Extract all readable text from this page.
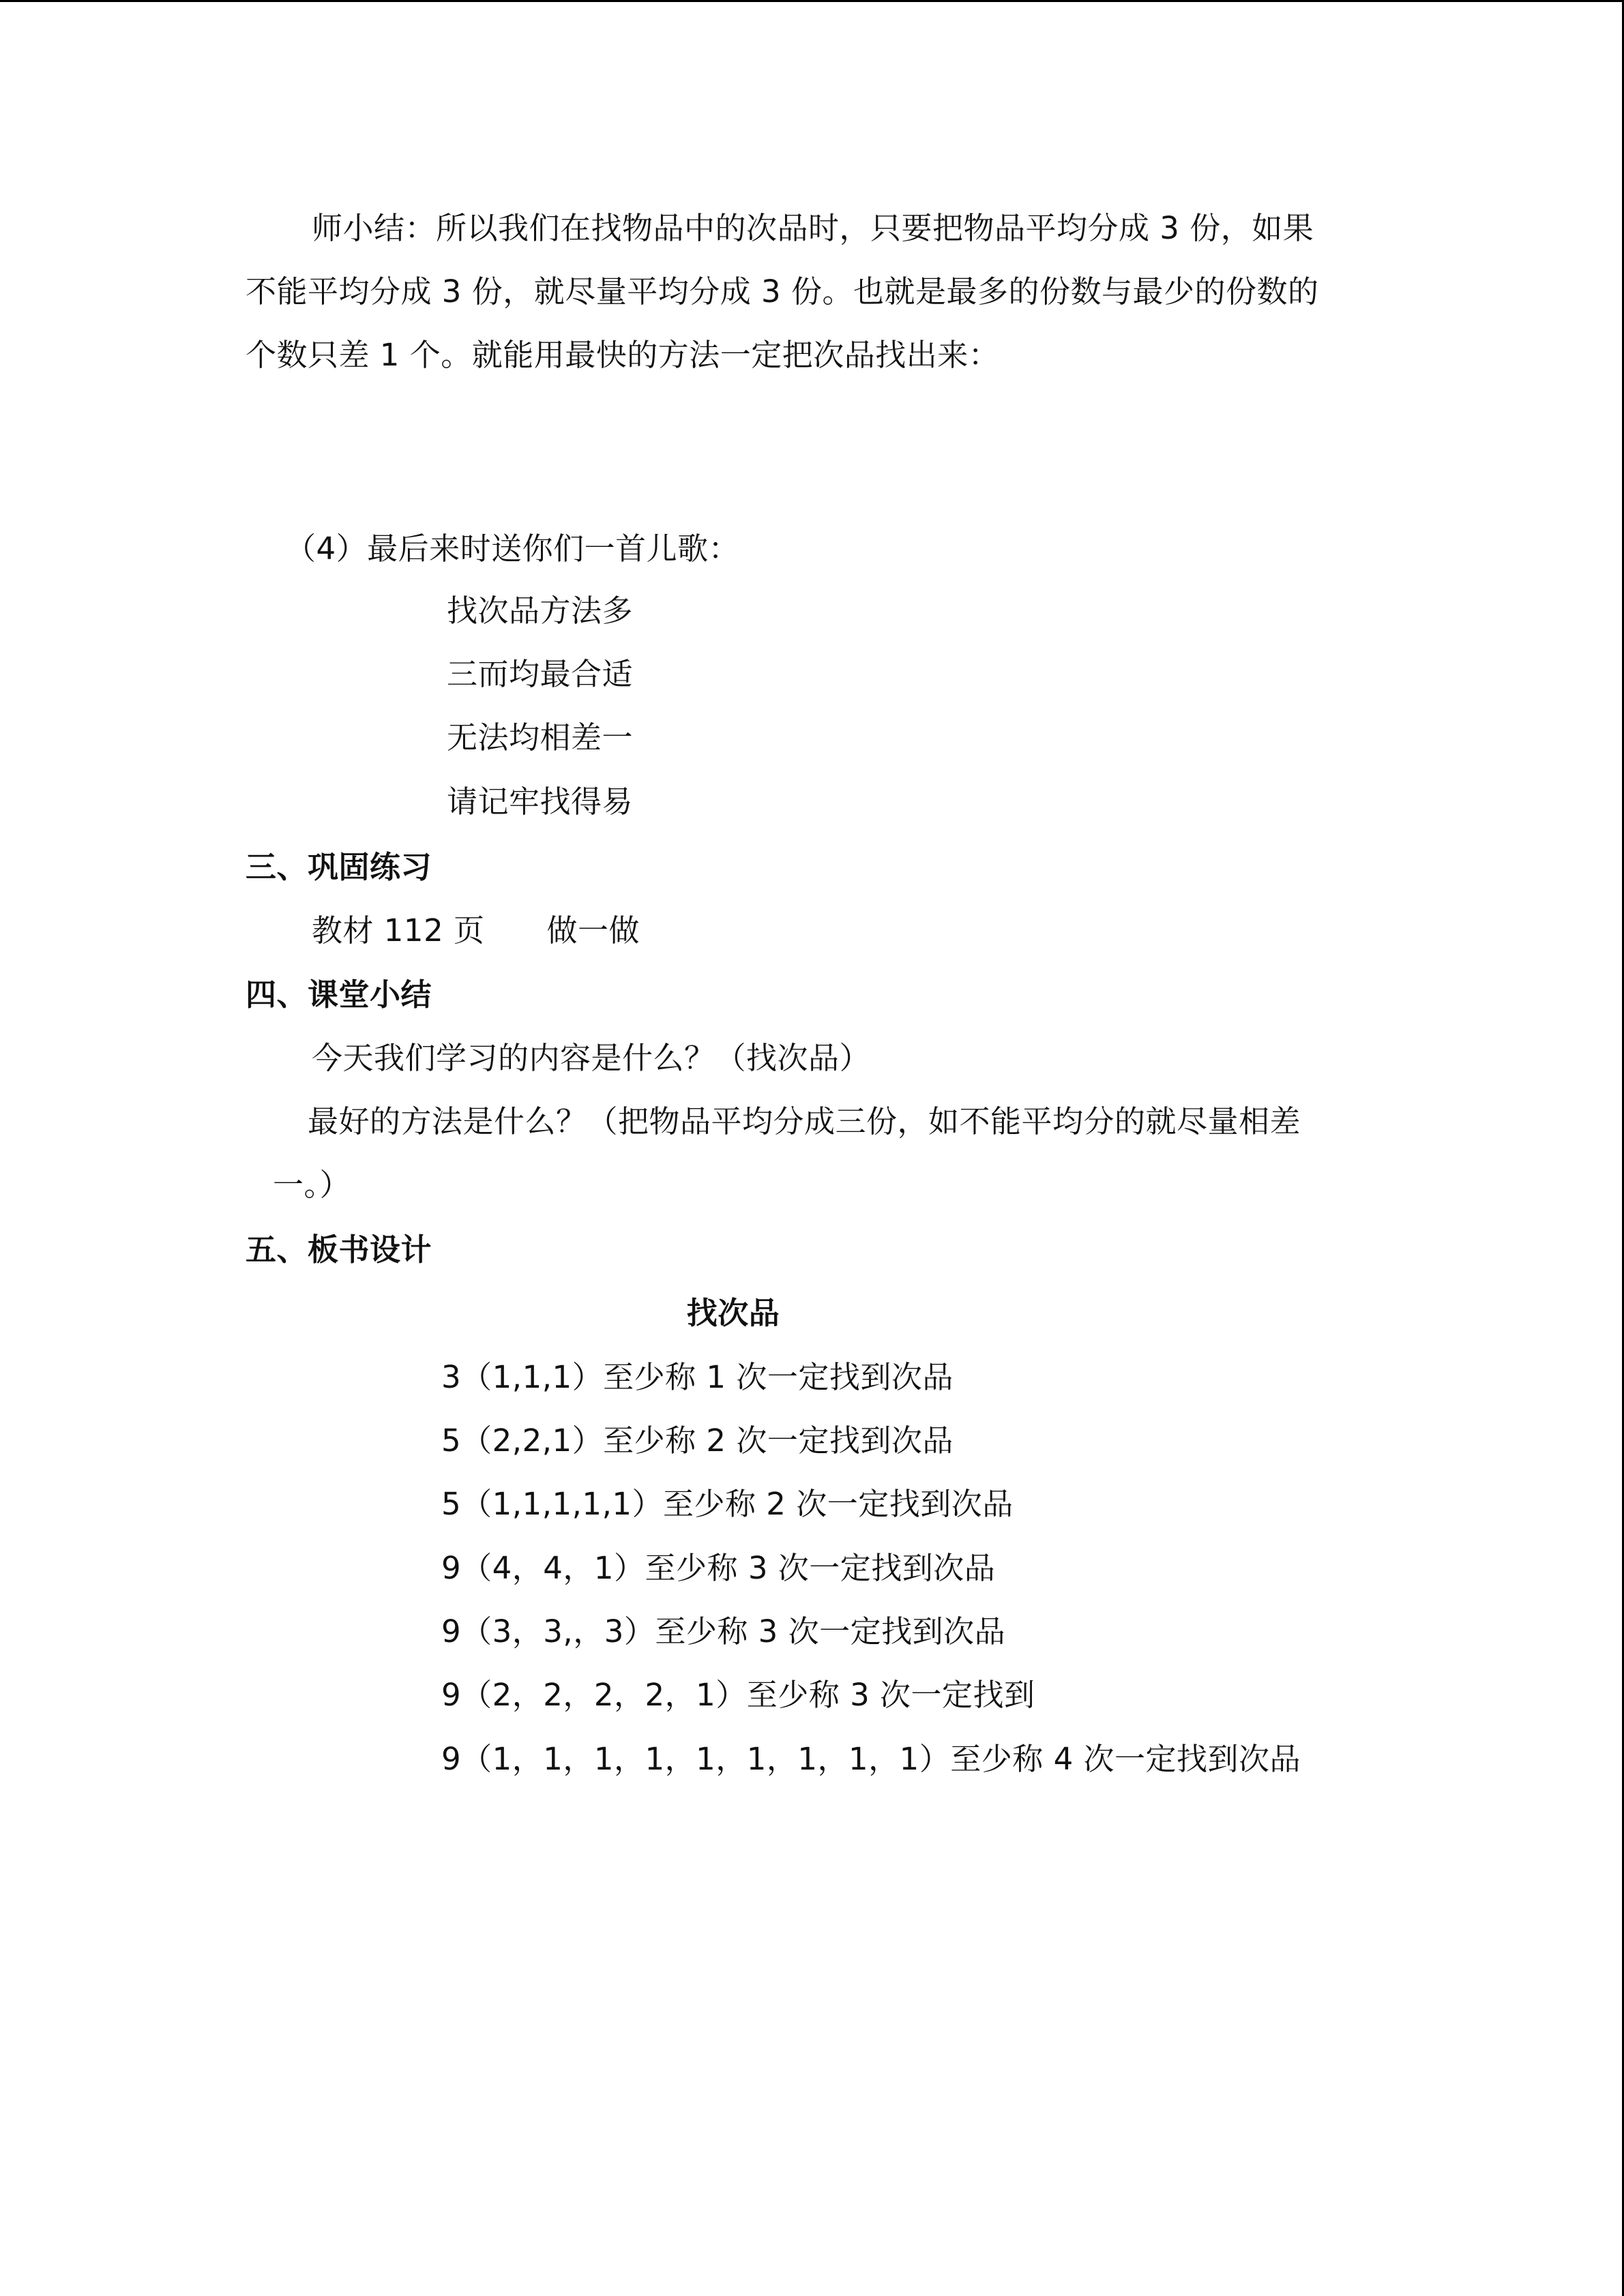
师小结：所以我们在找物品中的次品时，只要把物品平均分成 3 份，如果
不能平均分成 3 份，就尽量平均分成 3 份。也就是最多的份数与最少的份数的
个数只差 1 个。就能用最快的方法一定把次品找出来：
（4）最后来时送你们一首儿歌：
找次品方法多
三而均最合适
无法均相差一
请记牢找得易
三、巩固练习
教材 112 页　　做一做
四、课堂小结
今天我们学习的内容是什么？（找次品）
最好的方法是什么？（把物品平均分成三份，如不能平均分的就尽量相差
一。）
五、板书设计
找次品
3（1,1,1）至少称 1 次一定找到次品
5（2,2,1）至少称 2 次一定找到次品
5（1,1,1,1,1）至少称 2 次一定找到次品
9（4，4，1）至少称 3 次一定找到次品
9（3，3,，3）至少称 3 次一定找到次品
9（2，2，2，2，1）至少称 3 次一定找到
9（1，1，1，1，1，1，1，1，1）至少称 4 次一定找到次品
